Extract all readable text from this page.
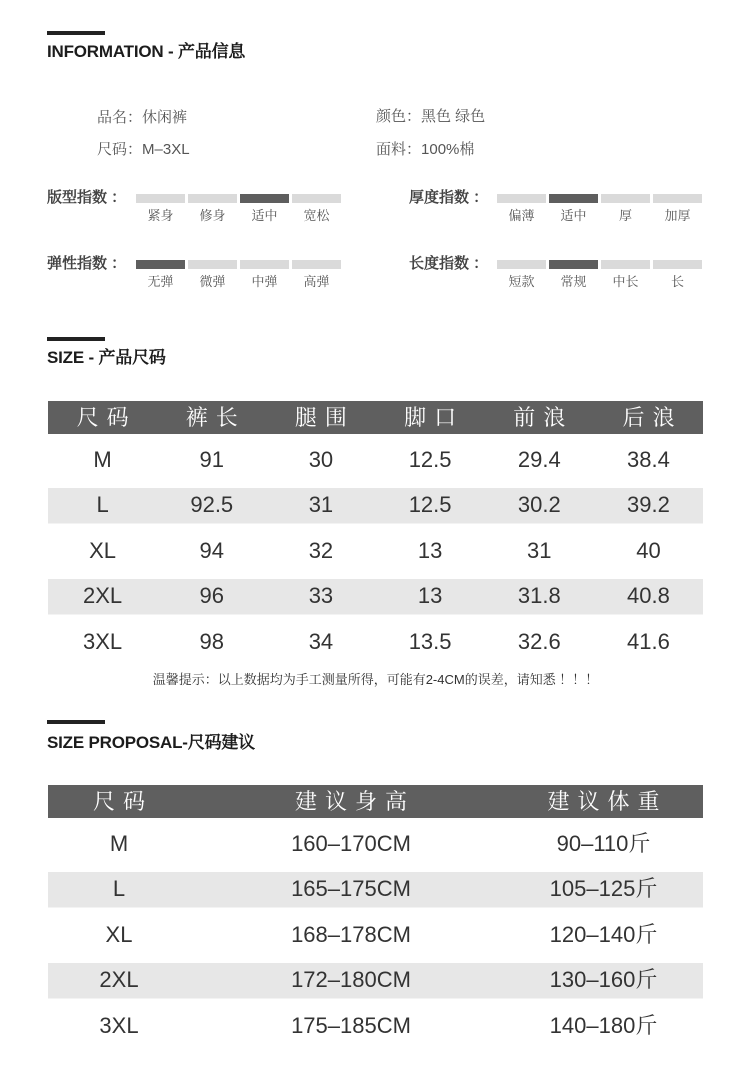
INFORMATION - 产品信息
品名：休闲裤	颜色：黑色 绿色
尺码：M–3XL	面料：100%棉
版型指数 ：
紧身	修身	适中	宽松
厚度指数 ：
偏薄	适中	厚	加厚
弹性指数 ：
无弹	微弹	中弹	高弹
长度指数 ：
短款	常规	中长	长
SIZE - 产品尺码
尺码	裤长	腿围	脚口	前浪	后浪
M	91	30	12.5	29.4	38.4
L	92.5	31	12.5	30.2	39.2
XL	94	32	13	31	40
2XL	96	33	13	31.8	40.8
3XL	98	34	13.5	32.6	41.6
温馨提示：以上数据均为手工测量所得，可能有2-4CM的误差，请知悉 ！！！
SIZE PROPOSAL-尺码建议
尺码	建议身高	建议体重
M	160–170CM	90–110斤
L	165–175CM	105–125斤
XL	168–178CM	120–140斤
2XL	172–180CM	130–160斤
3XL	175–185CM	140–180斤
